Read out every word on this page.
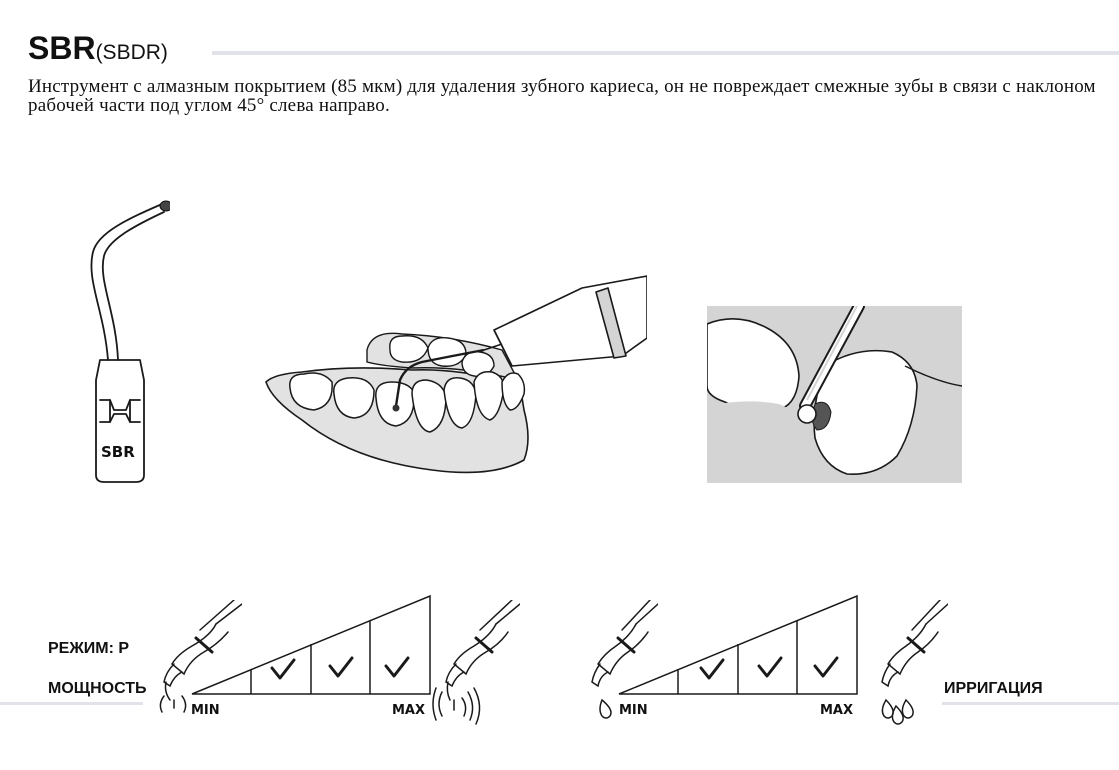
SBR(SBDR)
Инструмент с алмазным покрытием (85 мкм) для удаления зубного кариеса, он не повреждает смежные зубы в связи с наклоном рабочей части под углом 45° слева направо.
SBR
РЕЖИМ: P
МОЩНОСТЬ
MIN	MAX	MIN	MAX
ИРРИГАЦИЯ
